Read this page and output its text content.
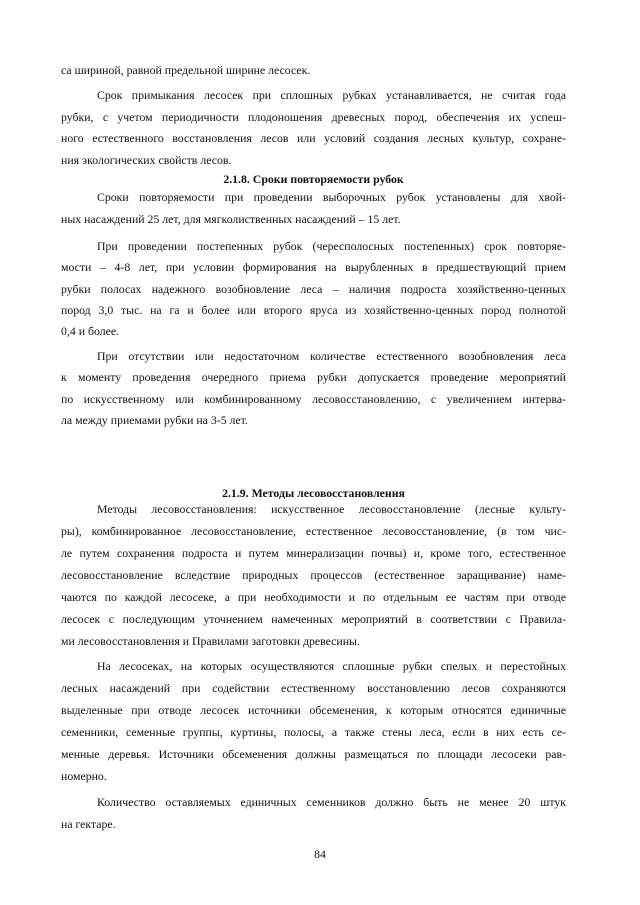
са шириной, равной предельной ширине лесосек.
Срок примыкания лесосек при сплошных рубках устанавливается, не считая года
рубки, с учетом периодичности плодоношения древесных пород, обеспечения их успеш-
ного естественного восстановления лесов или условий создания лесных культур, сохране-
ния экологических свойств лесов.
2.1.8. Сроки повторяемости рубок
Сроки повторяемости при проведении выборочных рубок установлены для хвой-
ных насаждений 25 лет, для мягколиственных насаждений – 15 лет.
При проведении постепенных рубок (чересполосных постепенных) срок повторяе-
мости – 4-8 лет, при условии формирования на вырубленных в предшествующий прием
рубки полосах надежного возобновление леса – наличия подроста хозяйственно-ценных
пород 3,0 тыс. на га и более или второго яруса из хозяйственно-ценных пород полнотой
0,4 и более.
При отсутствии или недостаточном количестве естественного возобновления леса
к моменту проведения очередного приема рубки допускается проведение мероприятий
по искусственному или комбинированному лесовосстановлению, с увеличением интерва-
ла между приемами рубки на 3-5 лет.
2.1.9. Методы лесовосстановления
Методы лесовосстановления: искусственное лесовосстановление (лесные культу-
ры), комбинированное лесовосстановление, естественное лесовосстановление, (в том чис-
ле путем сохранения подроста и путем минерализации почвы) и, кроме того, естественное
лесовосстановление вследствие природных процессов (естественное заращивание) наме-
чаются по каждой лесосеке, а при необходимости и по отдельным ее частям при отводе
лесосек с последующим уточнением намеченных мероприятий в соответствии с Правила-
ми лесовосстановления и Правилами заготовки древесины.
На лесосеках, на которых осуществляются сплошные рубки спелых и перестойных
лесных насаждений при содействии естественному восстановлению лесов сохраняются
выделенные при отводе лесосек источники обсеменения, к которым относятся единичные
семенники, семенные группы, куртины, полосы, а также стены леса, если в них есть се-
менные деревья. Источники обсеменения должны размещаться по площади лесосеки рав-
номерно.
Количество оставляемых единичных семенников должно быть не менее 20 штук
на гектаре.
84
